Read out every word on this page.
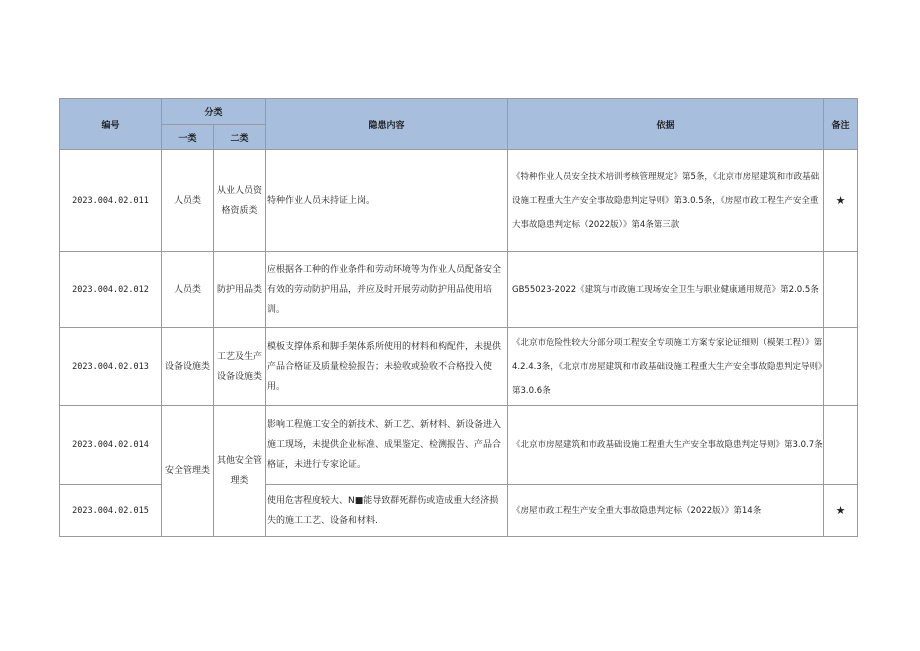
编号	分类		隐患内容	依据	备注
	一类	二类			
2023.004.02.011	人员类	从业人员资格资质类	特种作业人员未持证上岗。	《特种作业人员安全技术培训考核管理规定》第5条，《北京市房屋建筑和市政基础设施工程重大生产安全事故隐患判定导则》第3.0.5条，《房屋市政工程生产安全重大事故隐患判定标（2022版）》第4条第三款	★
2023.004.02.012	人员类	防护用品类	应根据各工种的作业条件和劳动环境等为作业人员配备安全有效的劳动防护用品，并应及时开展劳动防护用品使用培训。	GB55023-2022《建筑与市政施工现场安全卫生与职业健康通用规范》第2.0.5条	
2023.004.02.013	设备设施类	工艺及生产设备设施类	模板支撑体系和脚手架体系所使用的材料和构配件，未提供产品合格证及质量检验报告；未验收或验收不合格投入使用。	《北京市危险性较大分部分项工程安全专项施工方案专家论证细则（模架工程）》第4.2.4.3条，《北京市房屋建筑和市政基础设施工程重大生产安全事故隐患判定导则》第3.0.6条	
2023.004.02.014	安全管理类	其他安全管理类	影响工程施工安全的新技术、新工艺、新材料、新设备进入施工现场，未提供企业标准、成果鉴定、检测报告、产品合格证，未进行专家论证。	《北京市房屋建筑和市政基础设施工程重大生产安全事故隐患判定导则》第3.0.7条	
2023.004.02.015			使用危害程度较大、N■能导致群死群伤或造成重大经济损失的施工工艺、设备和材料.	《房屋市政工程生产安全重大事故隐患判定标（2022版）》第14条	★
